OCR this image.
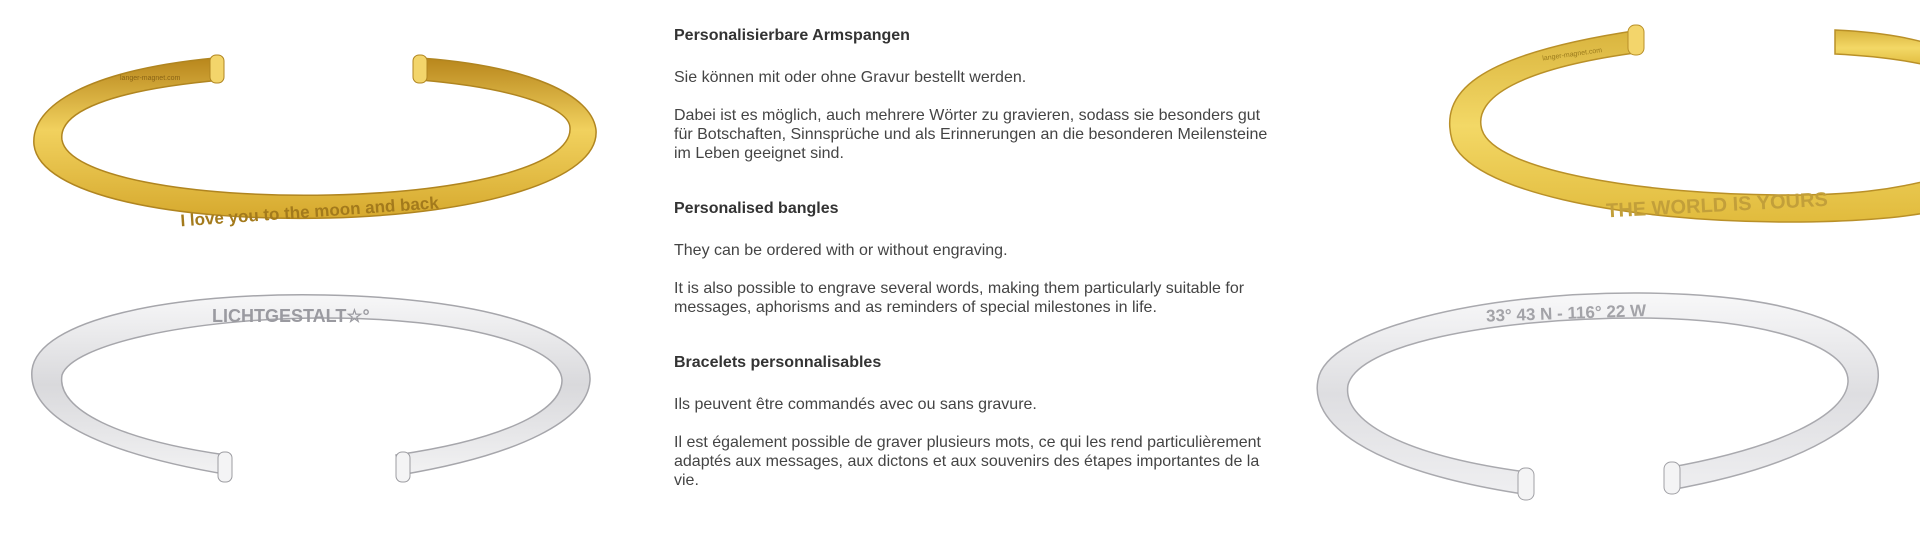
langer-magnet.com
I love you to the moon and back
LICHTGESTALT☆°
Personalisierbare Armspangen

Sie können mit oder ohne Gravur bestellt werden.

Dabei ist es möglich, auch mehrere Wörter zu gravieren, sodass sie besonders gut für Botschaften, Sinnsprüche und als Erinnerungen an die besonderen Meilensteine im Leben geeignet sind.

Personalised bangles

They can be ordered with or without engraving.

It is also possible to engrave several words, making them particularly suitable for messages, aphorisms and as reminders of special milestones in life.

Bracelets personnalisables

Ils peuvent être commandés avec ou sans gravure.

Il est également possible de graver plusieurs mots, ce qui les rend particulièrement adaptés aux messages, aux dictons et aux souvenirs des étapes importantes de la vie.

langer-magnet.com
THE WORLD IS YOURS
33° 43 N - 116° 22 W
